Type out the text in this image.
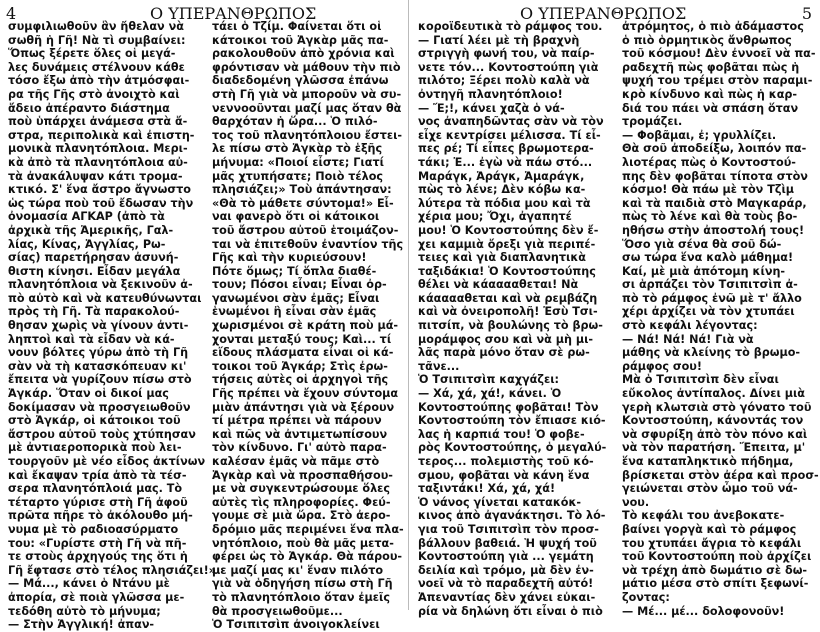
4	Ο ΥΠΕΡΑΝΘΡΩΠΟΣ
συμφιλιωθοῦν ἂν ἤθελαν νὰ
σωθῆ ἡ Γῆ! Νὰ τὶ συμβαίνει:
Ὅπως ξέρετε ὅλες οἱ μεγά-
λες δυνάμεις στέλνουν κάθε
τόσο ἔξω ἀπὸ τὴν ἀτμόσφαι-
ρα τῆς Γῆς στὸ ἀνοιχτὸ καὶ
ἄδειο ἀπέραντο διάστημα
ποὺ ὑπάρχει ἀνάμεσα στὰ ἄ-
στρα, περιπολικὰ καὶ ἐπιστη-
μονικὰ πλανητόπλοια. Μερι-
κὰ ἀπὸ τὰ πλανητόπλοια αὐ-
τὰ ἀνακάλυψαν κάτι τρομα-
κτικό. Σ' ἕνα ἄστρο ἄγνωστο
ὡς τώρα ποὺ τοῦ ἔδωσαν τὴν
ὀνομασία ΑΓΚΑΡ (ἀπὸ τὰ
ἀρχικὰ τῆς Ἀμερικῆς, Γαλ-
λίας, Κίνας, Ἀγγλίας, Ρω-
σίας) παρετήρησαν ἀσυνή-
θιστη κίνησι. Εἶδαν μεγάλα
πλανητόπλοια νὰ ξεκινοῦν ἀ-
πὸ αὐτὸ καὶ νὰ κατευθύνωνται
πρὸς τὴ Γῆ. Τὰ παρακολού-
θησαν χωρὶς νὰ γίνουν ἀντι-
ληπτοὶ καὶ τὰ εἶδαν νὰ κά-
νουν βόλτες γύρω ἀπὸ τὴ Γῆ
σὰν νὰ τὴ κατασκόπευαν κι'
ἔπειτα νὰ γυρίζουν πίσω στὸ
Ἀγκάρ. Ὅταν οἱ δικοί μας
δοκίμασαν νὰ προσγειωθοῦν
στὸ Ἀγκάρ, οἱ κάτοικοι τοῦ
ἄστρου αὐτοῦ τοὺς χτύπησαν
μὲ ἀντιαεροπορικὰ ποὺ λει-
τουργοῦν μὲ νέο εἶδος ἀκτίνων
καὶ ἔκαψαν τρία ἀπὸ τὰ τέσ-
σερα πλανητόπλοιά μας. Τὸ
τέταρτο γύρισε στὴ Γῆ ἀφοῦ
πρῶτα πῆρε τὸ ἀκόλουθο μή-
νυμα μὲ τὸ ραδιοασύρματο
του: «Γυρίστε στὴ Γῆ νὰ πῆ-
τε στοὺς ἀρχηγούς της ὅτι ἡ
Γῆ ἔφτασε στὸ τέλος πλησιάζει!»
— Μά..., κάνει ὁ Ντάνυ μὲ
ἀπορία, σὲ ποιὰ γλῶσσα με-
τεδόθη αὐτὸ τὸ μήνυμα;
— Στὴν Ἀγγλική! ἀπαν-
τάει ὁ Τζίμ. Φαίνεται ὅτι οἱ
κάτοικοι τοῦ Ἀγκὰρ μᾶς πα-
ρακολουθοῦν ἀπὸ χρόνια καὶ
φρόντισαν νὰ μάθουν τὴν πιὸ
διαδεδομένη γλῶσσα ἐπάνω
στὴ Γῆ γιὰ νὰ μποροῦν νὰ συ-
νεννοοῦνται μαζί μας ὅταν θὰ
θαρχόταν ἡ ὥρα... Ὁ πιλό-
τος τοῦ πλανητόπλοιου ἔστει-
λε πίσω στὸ Ἀγκὰρ τὸ ἑξῆς
μήνυμα: «Ποιοί εἶστε; Γιατί
μᾶς χτυπήσατε; Ποιὸ τέλος
πλησιάζει;» Τοὺ ἀπάντησαν:
«Θὰ τὸ μάθετε σύντομα!» Εἶ-
ναι φανερὸ ὅτι οἱ κάτοικοι
τοῦ ἄστρου αὐτοῦ ἑτοιμάζον-
ται νὰ ἐπιτεθοῦν ἐναντίον τῆς
Γῆς καὶ τὴν κυριεύσουν!
Πότε ὅμως; Τί ὅπλα διαθέ-
τουν; Πόσοι εἶναι; Εἶναι ὀρ-
γανωμένοι σὰν ἐμᾶς; Εἶναι
ἑνωμένοι ἢ εἶναι σὰν ἐμᾶς
χωρισμένοι σὲ κράτη ποὺ μά-
χονται μεταξύ τους; Καὶ... τί
εἴδους πλάσματα εἶναι οἱ κά-
τοικοι τοῦ Ἀγκάρ; Στὶς ἐρω-
τήσεις αὐτὲς οἱ ἀρχηγοὶ τῆς
Γῆς πρέπει νὰ ἔχουν σύντομα
μιὰν ἀπάντησι γιὰ νὰ ξέρουν
τί μέτρα πρέπει νὰ πάρουν
καὶ πῶς νὰ ἀντιμετωπίσουν
τὸν κίνδυνο. Γι' αὐτὸ παρα-
καλέσαν ἐμᾶς νὰ πᾶμε στὸ
Ἀγκὰρ καὶ νὰ προσπαθήσου-
με νὰ συγκεντρώσουμε ὅλες
αὐτὲς τὶς πληροφορίες. Φεύ-
γουμε σὲ μιὰ ὥρα. Στὸ ἀερο-
δρόμιο μᾶς περιμένει ἕνα πλα-
νητόπλοιο, ποὺ θὰ μᾶς μετα-
φέρει ὡς τὸ Ἀγκάρ. Θὰ πάρου-
με μαζί μας κι' ἕναν πιλότο
γιὰ νὰ ὁδηγήση πίσω στὴ Γῆ
τὸ πλανητόπλοιο ὅταν ἐμεῖς
θὰ προσγειωθοῦμε...
Ὁ Τσιπιτσὶπ ἀνοιγοκλείνει
5
Ο ΥΠΕΡΑΝΘΡΩΠΟΣ
κοροϊδευτικὰ τὸ ράμφος του.
— Γιατί λέει μὲ τὴ βραχνὴ
στριγγὴ φωνή του, νὰ παίρ-
νετε τόν... Κοντοστούπη γιὰ
πιλότο; Ξέρει πολὺ καλὰ νὰ
ὀντηγῆ πλανητόπλοιο!
— Ἔ;!, κάνει χαζὰ ὁ νά-
νος ἀναπηδῶντας σὰν νὰ τὸν
εἶχε κεντρίσει μέλισσα. Τί εἶ-
πες ρέ; Τί εἶπες βρωμοτερα-
τάκι; Ἐ... ἐγὼ νὰ πάω στό...
Μαράγκ, Ἀράγκ, Ἀμαράγκ,
πὼς τὸ λένε; Δὲν κόβω κα-
λύτερα τὰ πόδια μου καὶ τὰ
χέρια μου; Ὄχι, ἀγαπητέ
μου! Ὁ Κοντοστούπης δὲν ἔ-
χει καμμιὰ ὄρεξι γιὰ περιπέ-
τειες καὶ γιὰ διαπλανητικὰ
ταξιδάκια! Ὁ Κοντοστούπης
θέλει νὰ κάααααθεται! Νὰ
κάααααθεται καὶ νὰ ρεμβάζη
καὶ νὰ ὀνειροπολῆ! Ἐσὺ Τσι-
πιτσίπ, νὰ βουλώνης τὸ βρω-
μοράμφος σου καὶ νὰ μὴ μι-
λᾶς παρὰ μόνο ὅταν σὲ ρω-
τᾶνε...
Ὁ Τσιπιτσὶπ καχγάζει:
— Χά, χά, χά!, κάνει. Ὁ
Κοντοστούπης φοβᾶται! Τὸν
Κοντοστούπη τὸν ἔπιασε κιό-
λας ἡ καρπιά του! Ὁ φοβε-
ρὸς Κοντοστούπης, ὁ μεγαλύ-
τερος... πολεμιστὴς τοῦ κό-
σμου, φοβᾶται νὰ κάνη ἕνα
ταξιντάκι! Χά, χά, χά!
Ὁ νάνος γίνεται κατακόκ-
κινος ἀπὸ ἀγανάκτησι. Τὸ λό-
για τοῦ Τσιπιτσὶπ τὸν προσ-
βάλλουν βαθειά. Ἡ ψυχή τοῦ
Κοντοστούπη γιὰ ... γεμάτη
δειλία καὶ τρόμο, μὰ δὲν ἐν-
νοεῖ νὰ τὸ παραδεχτῆ αὐτό!
Ἀπεναντίας δὲν χάνει εὐκαι-
ρία νὰ δηλώνη ὅτι εἶναι ὁ πιὸ
ἀτρόμητος, ὁ πιὸ ἀδάμαστος
ὁ πιὸ ὁρμητικὸς ἄνθρωπος
τοῦ κόσμου! Δὲν ἐννοεῖ νὰ πα-
ραδεχτῆ πὼς φοβᾶται πὼς ἡ
ψυχή του τρέμει στὸν παραμι-
κρὸ κίνδυνο καὶ πὼς ἡ καρ-
διά του πάει νὰ σπάση ὅταν
τρομάζει.
— Φοβᾶμαι, ἐ; γρυλλίζει.
Θὰ σοῦ ἀποδείξω, λοιπόν πα-
λιοτέρας πὼς ὁ Κοντοστού-
πης δὲν φοβᾶται τίποτα στὸν
κόσμο! Θὰ πάω μὲ τὸν Τζὶμ
καὶ τὰ παιδιὰ στὸ Μαγκαράρ,
πὼς τὸ λένε καὶ θὰ τοὺς βο-
ηθήσω στὴν ἀποστολή τους!
Ὅσο γιὰ σένα θὰ σοῦ δώ-
σω τώρα ἕνα καλὸ μάθημα!
Καί, μὲ μιὰ ἀπότομη κίνη-
σι ἁρπάζει τὸν Τσιπιτσὶπ ἀ-
πὸ τὸ ράμφος ἐνῶ μὲ τ' ἄλλο
χέρι ἀρχίζει νὰ τὸν χτυπάει
στὸ κεφάλι λέγοντας:
— Νά! Νά! Νά! Γιὰ νὰ
μάθης νὰ κλείνης τὸ βρωμο-
ράμφος σου!
Μὰ ὁ Τσιπιτσὶπ δὲν εἶναι
εὔκολος ἀντίπαλος. Δίνει μιὰ
γερὴ κλωτσιὰ στὸ γόνατο τοῦ
Κοντοστούπη, κάνοντάς τον
νὰ σφυρίξη ἀπὸ τὸν πόνο καὶ
νὰ τὸν παρατήση. Ἔπειτα, μ'
ἕνα καταπληκτικὸ πήδημα,
βρίσκεται στὸν ἀέρα καὶ προσ-
γειώνεται στὸν ὦμο τοῦ νά-
νου.
Τὸ κεφάλι του ἀνεβοκατε-
βαίνει γοργὰ καὶ τὸ ράμφος
του χτυπάει ἄγρια τὸ κεφάλι
τοῦ Κοντοστούπη ποὺ ἀρχίζει
νὰ τρέχη ἀπὸ δωμάτιο σὲ δω-
μάτιο μέσα στὸ σπίτι ξεφωνί-
ζοντας:
— Μέ... μέ... δολοφονοῦν!
